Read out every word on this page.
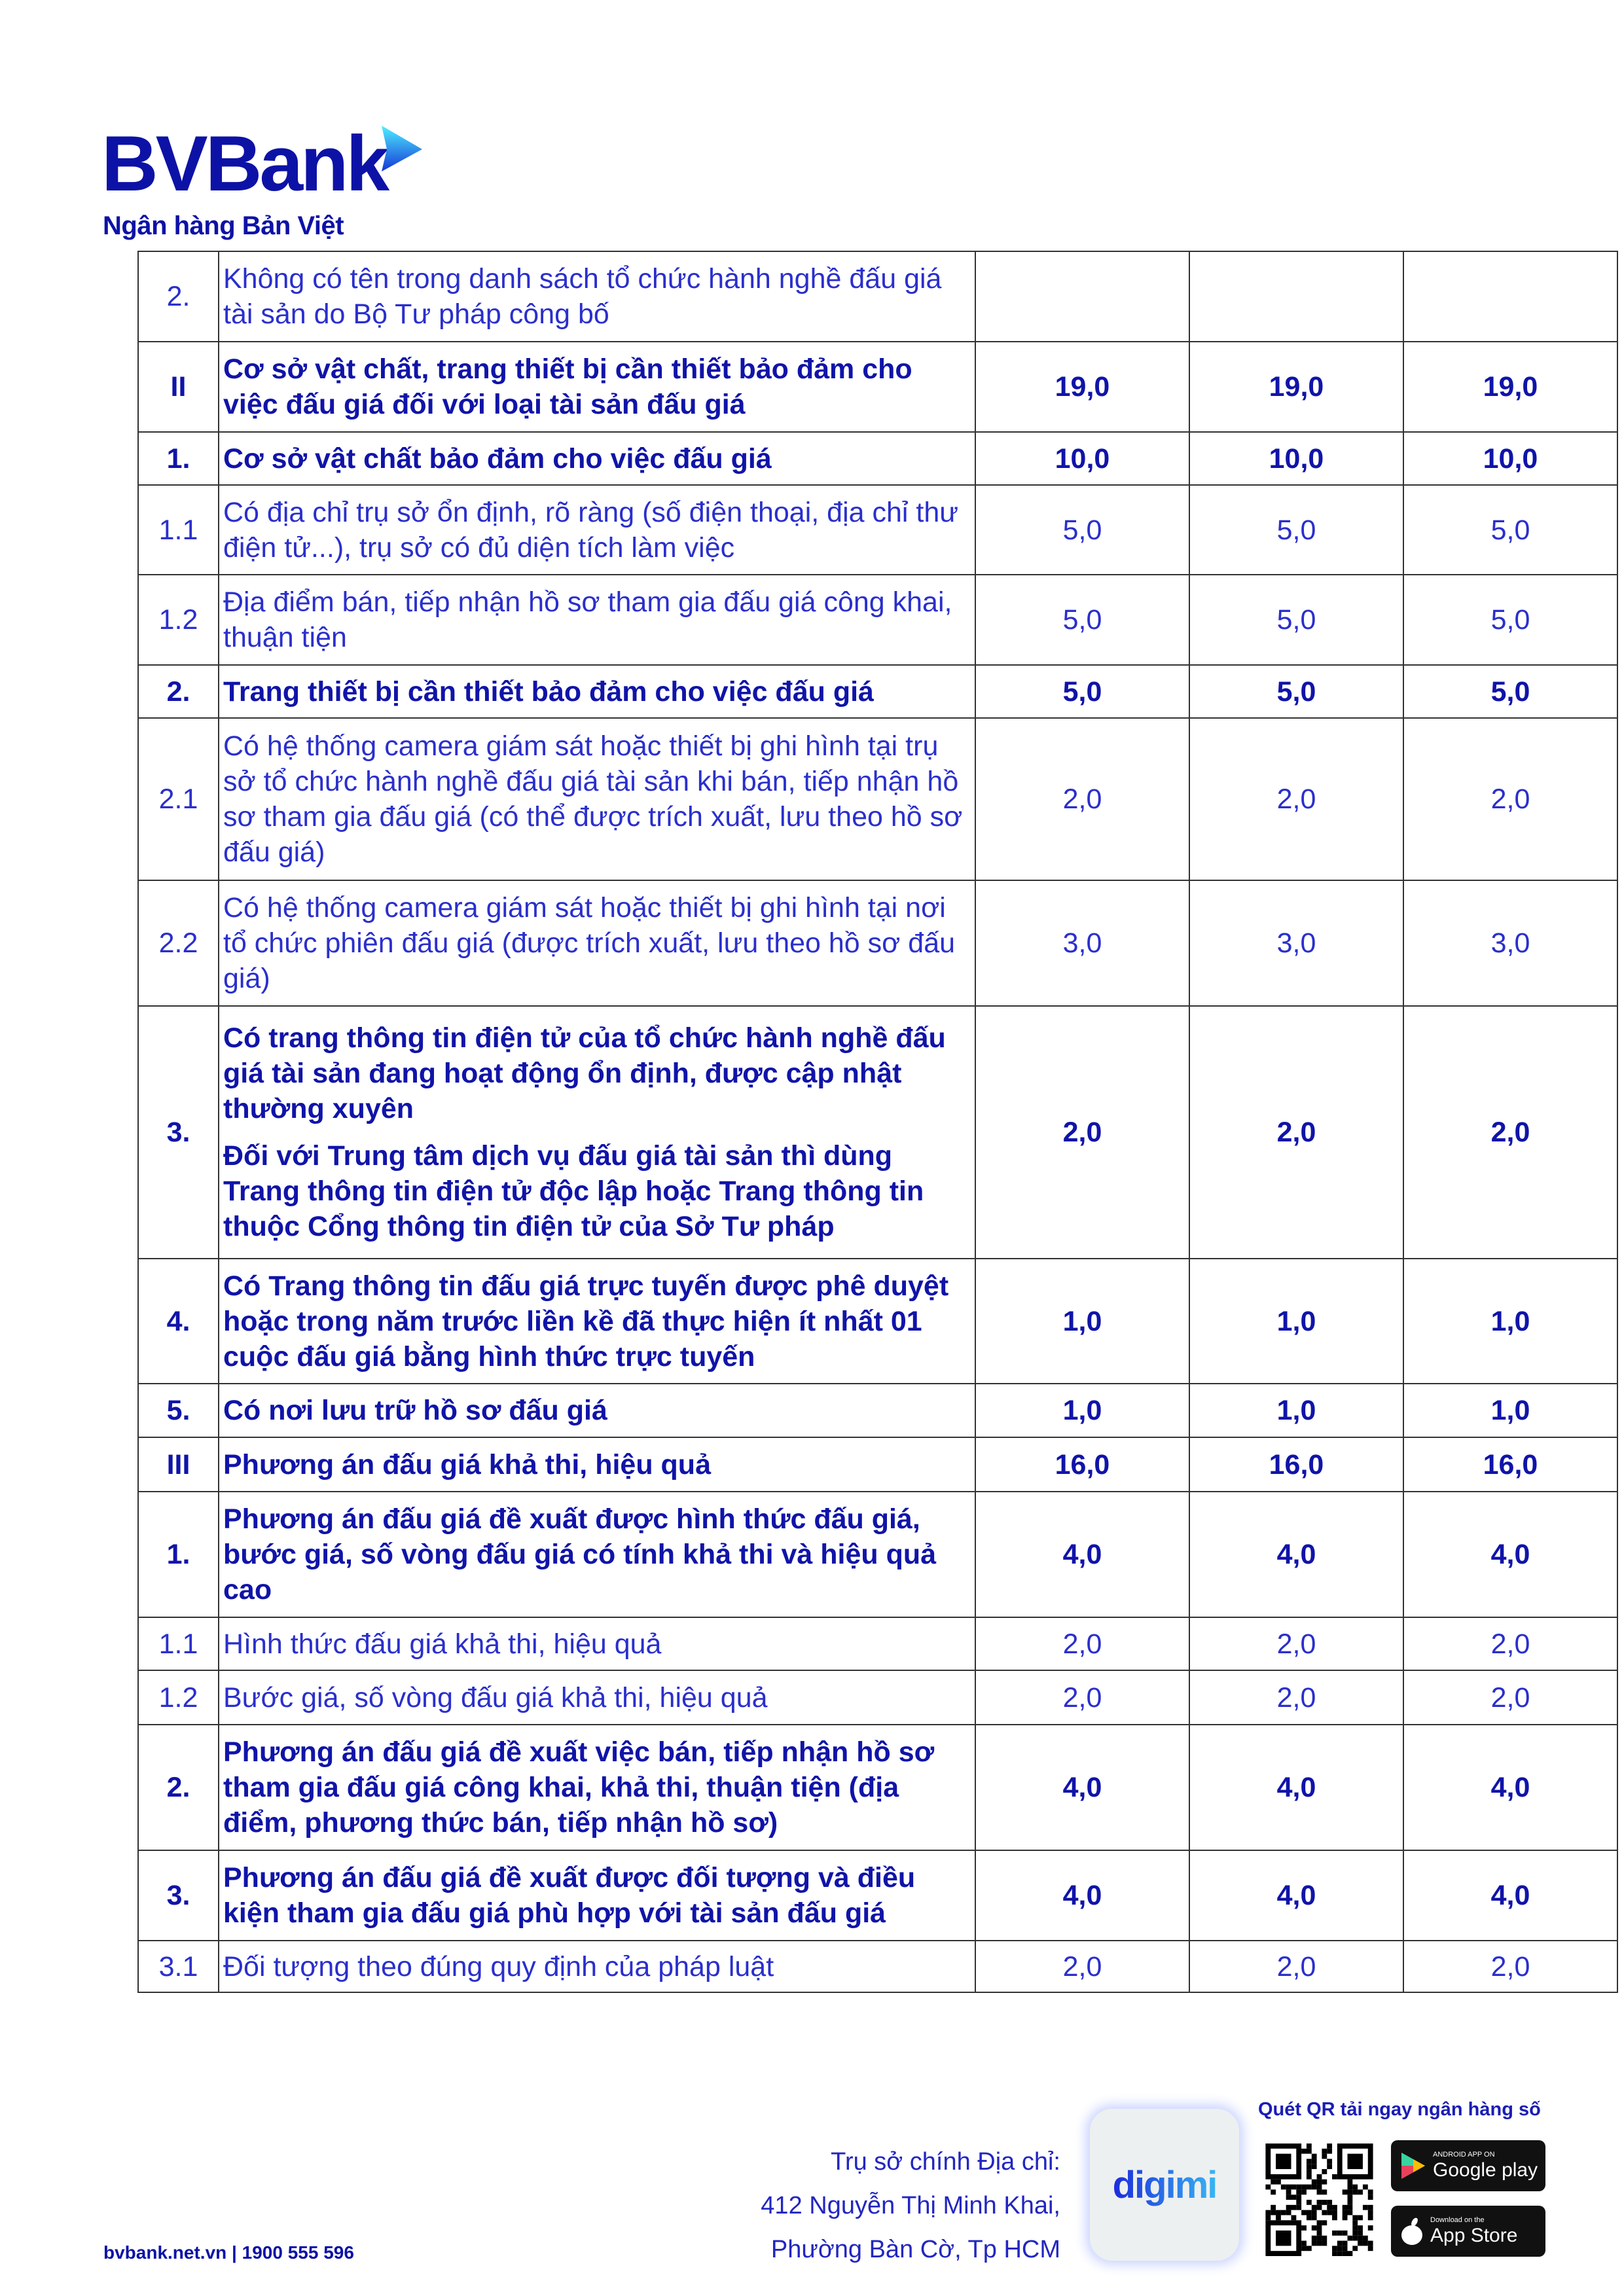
BVBank
Ngân hàng Bản Việt
2.	Không có tên trong danh sách tổ chức hành nghề đấu giá tài sản do Bộ Tư pháp công bố			

II	Cơ sở vật chất, trang thiết bị cần thiết bảo đảm cho việc đấu giá đối với loại tài sản đấu giá	19,0	19,0	19,0
1.	Cơ sở vật chất bảo đảm cho việc đấu giá	10,0	10,0	10,0
1.1	Có địa chỉ trụ sở ổn định, rõ ràng (số điện thoại, địa chỉ thư điện tử...), trụ sở có đủ diện tích làm việc	5,0	5,0	5,0
1.2	Địa điểm bán, tiếp nhận hồ sơ tham gia đấu giá công khai, thuận tiện	5,0	5,0	5,0
2.	Trang thiết bị cần thiết bảo đảm cho việc đấu giá	5,0	5,0	5,0
2.1	Có hệ thống camera giám sát hoặc thiết bị ghi hình tại trụ sở tổ chức hành nghề đấu giá tài sản khi bán, tiếp nhận hồ sơ tham gia đấu giá (có thể được trích xuất, lưu theo hồ sơ đấu giá)	2,0	2,0	2,0
2.2	Có hệ thống camera giám sát hoặc thiết bị ghi hình tại nơi tổ chức phiên đấu giá (được trích xuất, lưu theo hồ sơ đấu giá)	3,0	3,0	3,0
3.	Có trang thông tin điện tử của tổ chức hành nghề đấu giá tài sản đang hoạt động ổn định, được cập nhật thường xuyên
Đối với Trung tâm dịch vụ đấu giá tài sản thì dùng Trang thông tin điện tử độc lập hoặc Trang thông tin thuộc Cổng thông tin điện tử của Sở Tư pháp	2,0	2,0	2,0
4.	Có Trang thông tin đấu giá trực tuyến được phê duyệt hoặc trong năm trước liền kề đã thực hiện ít nhất 01 cuộc đấu giá bằng hình thức trực tuyến	1,0	1,0	1,0
5.	Có nơi lưu trữ hồ sơ đấu giá	1,0	1,0	1,0
III	Phương án đấu giá khả thi, hiệu quả	16,0	16,0	16,0
1.	Phương án đấu giá đề xuất được hình thức đấu giá, bước giá, số vòng đấu giá có tính khả thi và hiệu quả cao	4,0	4,0	4,0
1.1	Hình thức đấu giá khả thi, hiệu quả	2,0	2,0	2,0
1.2	Bước giá, số vòng đấu giá khả thi, hiệu quả	2,0	2,0	2,0
2.	Phương án đấu giá đề xuất việc bán, tiếp nhận hồ sơ tham gia đấu giá công khai, khả thi, thuận tiện (địa điểm, phương thức bán, tiếp nhận hồ sơ)	4,0	4,0	4,0
3.	Phương án đấu giá đề xuất được đối tượng và điều kiện tham gia đấu giá phù hợp với tài sản đấu giá	4,0	4,0	4,0
3.1	Đối tượng theo đúng quy định của pháp luật	2,0	2,0	2,0
Trụ sở chính Địa chỉ:
412 Nguyễn Thị Minh Khai,
Phường Bàn Cờ, Tp HCM
bvbank.net.vn | 1900 555 596
digimi
Quét QR tải ngay ngân hàng số
ANDROID APP ON
Google play
Download on the
App Store
